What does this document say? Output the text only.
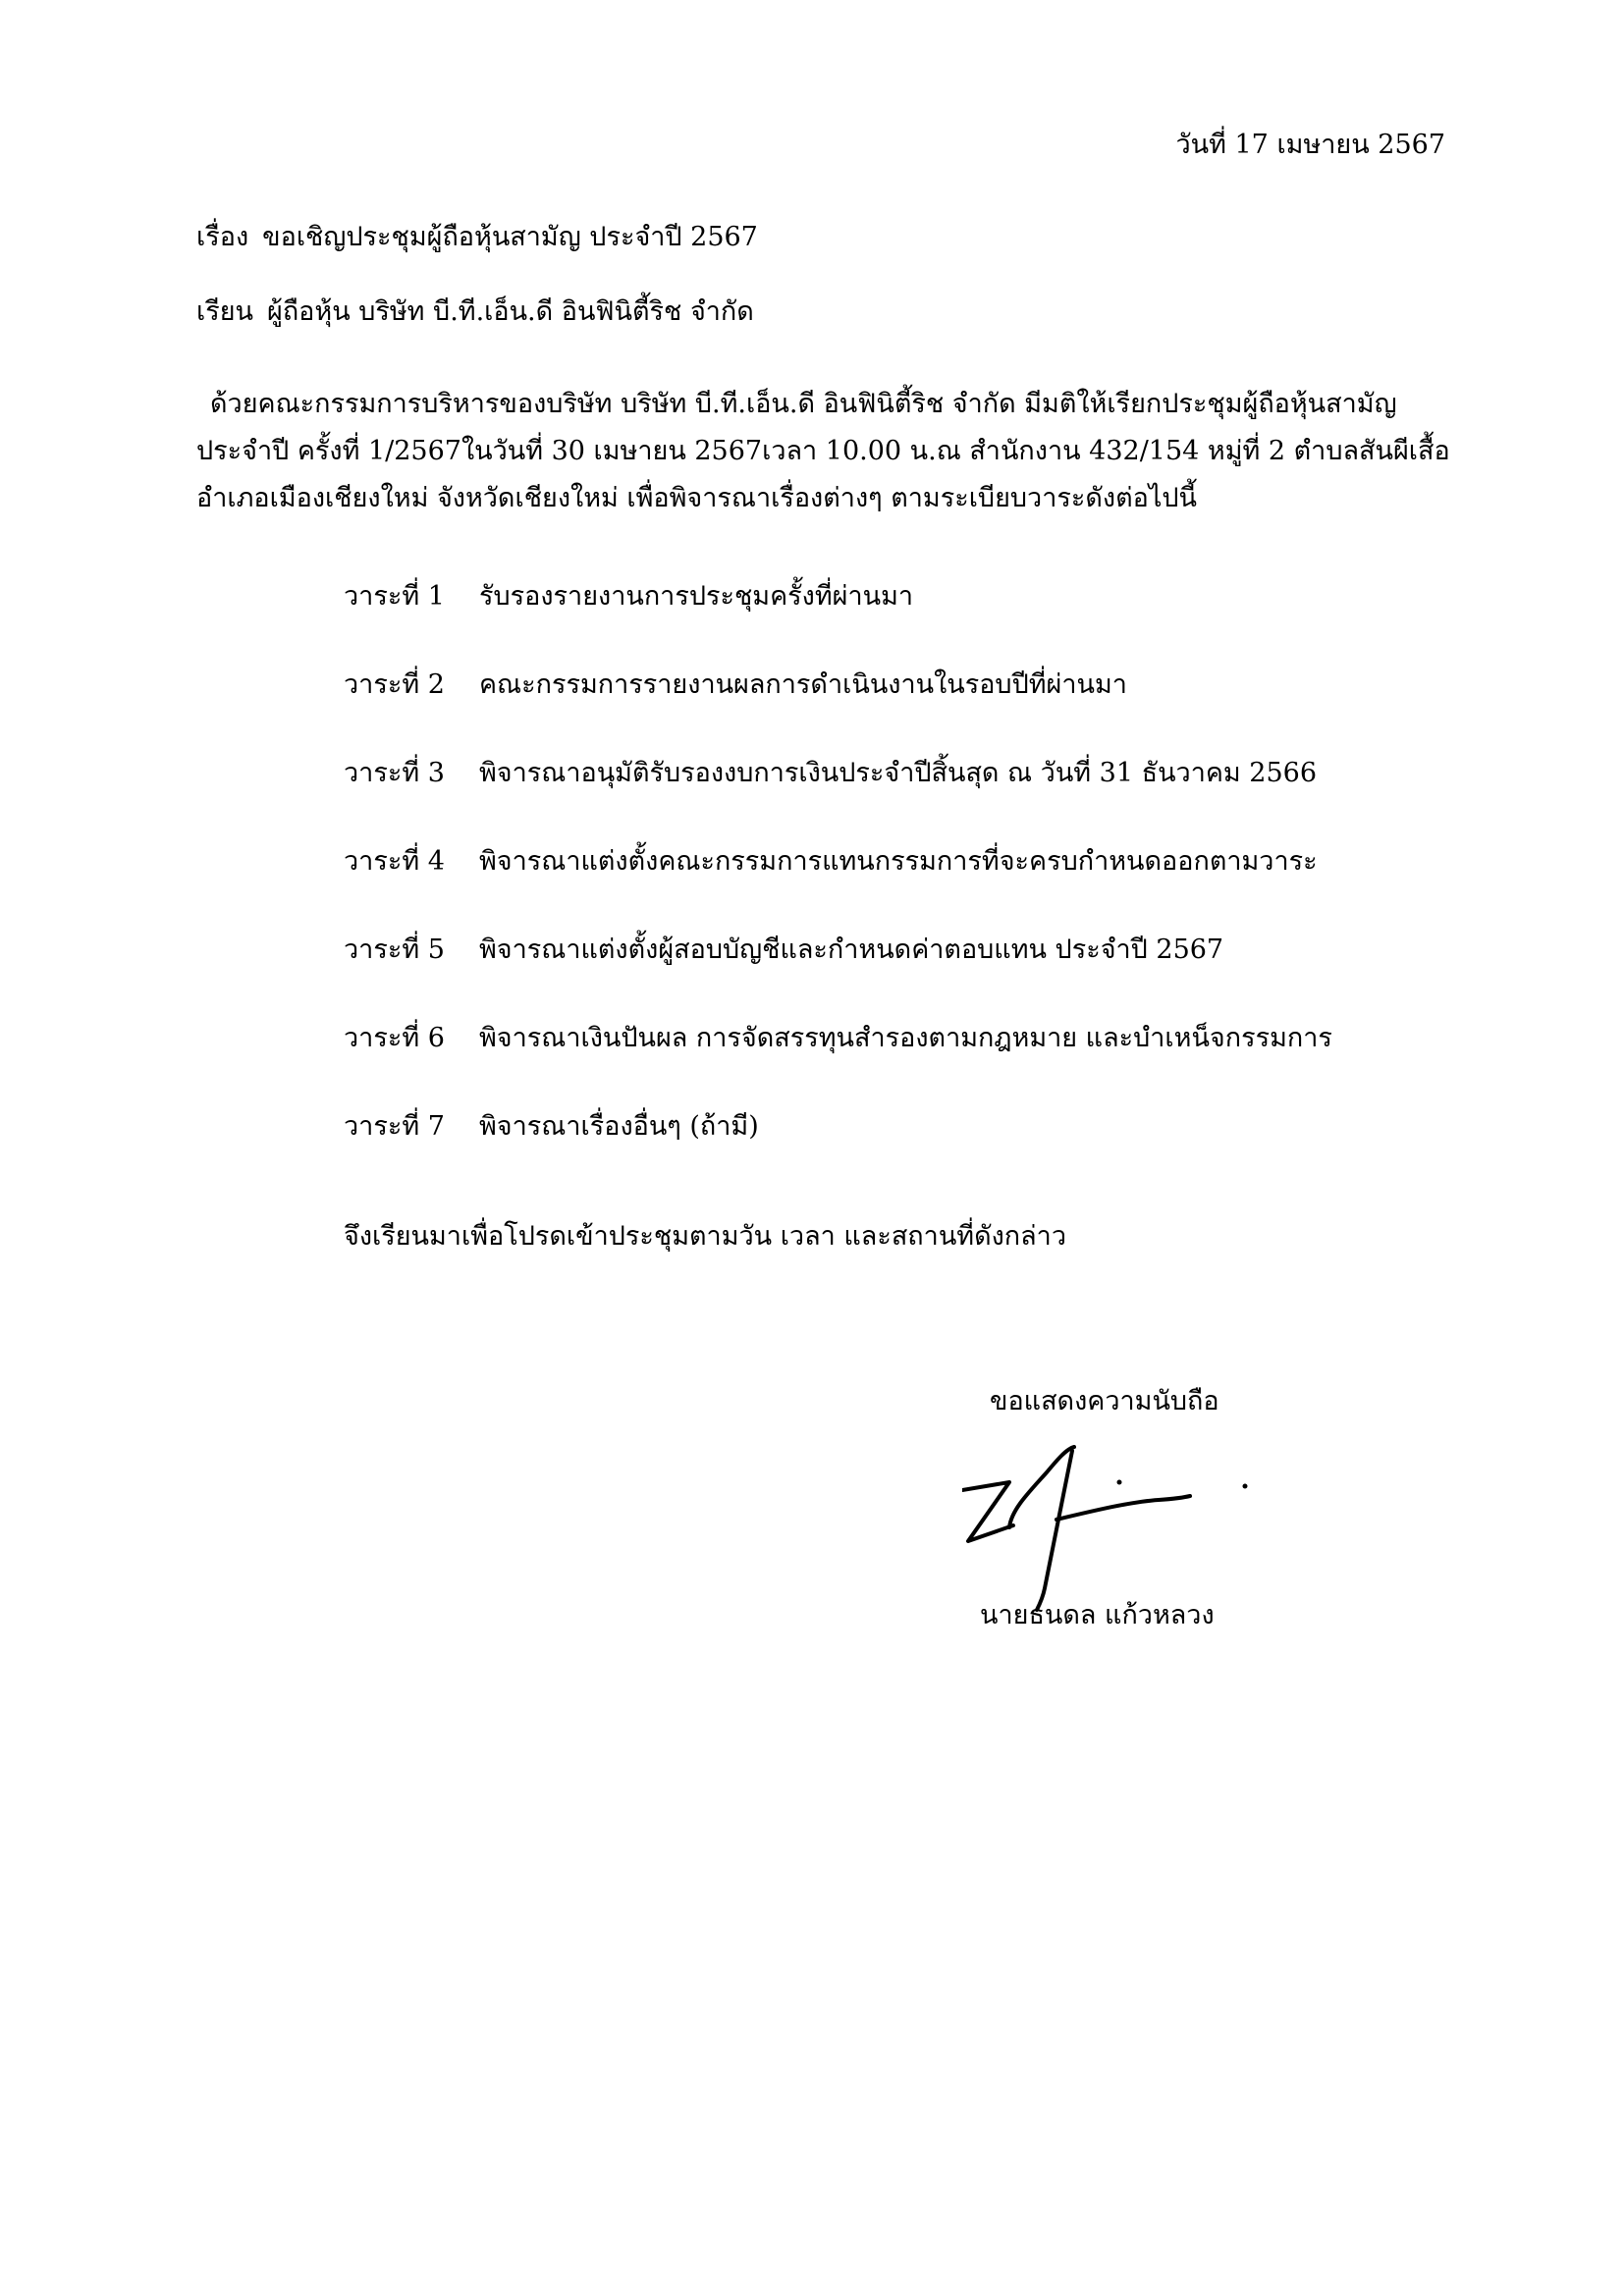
วันที่ 17 เมษายน 2567
เรื่อง ขอเชิญประชุมผู้ถือหุ้นสามัญ ประจำปี 2567
เรียน ผู้ถือหุ้น บริษัท บี.ที.เอ็น.ดี อินฟินิตี้ริช จำกัด
ด้วยคณะกรรมการบริหารของบริษัท บริษัท บี.ที.เอ็น.ดี อินฟินิตี้ริช จำกัด มีมติให้เรียกประชุมผู้ถือหุ้นสามัญ
ประจำปี ครั้งที่ 1/2567ในวันที่ 30 เมษายน 2567เวลา 10.00 น.ณ สำนักงาน 432/154 หมู่ที่ 2 ตำบลสันผีเสื้อ
อำเภอเมืองเชียงใหม่ จังหวัดเชียงใหม่ เพื่อพิจารณาเรื่องต่างๆ ตามระเบียบวาระดังต่อไปนี้
วาระที่ 1 รับรองรายงานการประชุมครั้งที่ผ่านมา
วาระที่ 2 คณะกรรมการรายงานผลการดำเนินงานในรอบปีที่ผ่านมา
วาระที่ 3 พิจารณาอนุมัติรับรองงบการเงินประจำปีสิ้นสุด ณ วันที่ 31 ธันวาคม 2566
วาระที่ 4 พิจารณาแต่งตั้งคณะกรรมการแทนกรรมการที่จะครบกำหนดออกตามวาระ
วาระที่ 5 พิจารณาแต่งตั้งผู้สอบบัญชีและกำหนดค่าตอบแทน ประจำปี 2567
วาระที่ 6 พิจารณาเงินปันผล การจัดสรรทุนสำรองตามกฎหมาย และบำเหน็จกรรมการ
วาระที่ 7 พิจารณาเรื่องอื่นๆ (ถ้ามี)
จึงเรียนมาเพื่อโปรดเข้าประชุมตามวัน เวลา และสถานที่ดังกล่าว
ขอแสดงความนับถือ
นายธนดล แก้วหลวง
